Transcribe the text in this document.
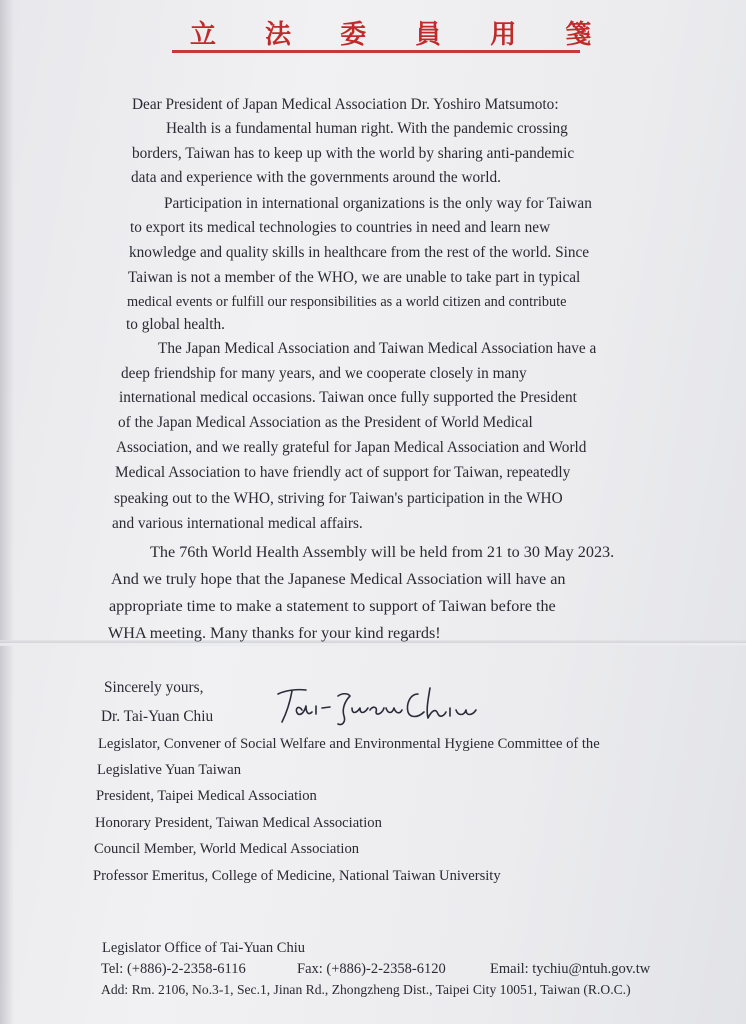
立 法 委 員 用 箋
Dear President of Japan Medical Association Dr. Yoshiro Matsumoto:
Health is a fundamental human right. With the pandemic crossing
borders, Taiwan has to keep up with the world by sharing anti-pandemic
data and experience with the governments around the world.
Participation in international organizations is the only way for Taiwan
to export its medical technologies to countries in need and learn new
knowledge and quality skills in healthcare from the rest of the world. Since
Taiwan is not a member of the WHO, we are unable to take part in typical
medical events or fulfill our responsibilities as a world citizen and contribute
to global health.
The Japan Medical Association and Taiwan Medical Association have a
deep friendship for many years, and we cooperate closely in many
international medical occasions. Taiwan once fully supported the President
of the Japan Medical Association as the President of World Medical
Association, and we really grateful for Japan Medical Association and World
Medical Association to have friendly act of support for Taiwan, repeatedly
speaking out to the WHO, striving for Taiwan's participation in the WHO
and various international medical affairs.
The 76th World Health Assembly will be held from 21 to 30 May 2023.
And we truly hope that the Japanese Medical Association will have an
appropriate time to make a statement to support of Taiwan before the
WHA meeting. Many thanks for your kind regards!
Sincerely yours,
Dr. Tai-Yuan Chiu
Legislator, Convener of Social Welfare and Environmental Hygiene Committee of the
Legislative Yuan Taiwan
President, Taipei Medical Association
Honorary President, Taiwan Medical Association
Council Member, World Medical Association
Professor Emeritus, College of Medicine, National Taiwan University
Tai-Yuan Chiu
Legislator Office of Tai-Yuan Chiu
Tel: (+886)-2-2358-6116	Fax: (+886)-2-2358-6120	Email: tychiu@ntuh.gov.tw
Add: Rm. 2106, No.3-1, Sec.1, Jinan Rd., Zhongzheng Dist., Taipei City 10051, Taiwan (R.O.C.)
